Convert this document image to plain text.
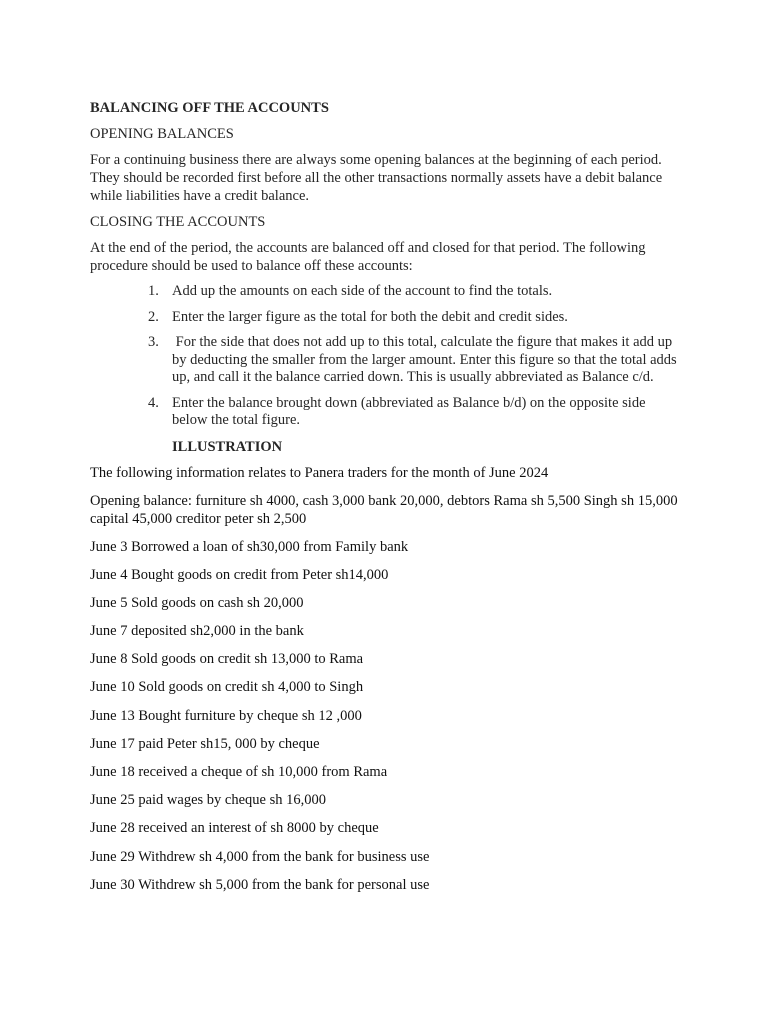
BALANCING OFF THE ACCOUNTS

OPENING BALANCES

For a continuing business there are always some opening balances at the beginning of each period. They should be recorded first before all the other transactions normally assets have a debit balance while liabilities have a credit balance.

CLOSING THE ACCOUNTS

At the end of the period, the accounts are balanced off and closed for that period. The following procedure should be used to balance off these accounts:

1. Add up the amounts on each side of the account to find the totals.
2. Enter the larger figure as the total for both the debit and credit sides.
3. For the side that does not add up to this total, calculate the figure that makes it add up by deducting the smaller from the larger amount. Enter this figure so that the total adds up, and call it the balance carried down. This is usually abbreviated as Balance c/d.
4. Enter the balance brought down (abbreviated as Balance b/d) on the opposite side below the total figure.

ILLUSTRATION

The following information relates to Panera traders for the month of June 2024

Opening balance: furniture sh 4000, cash 3,000 bank 20,000, debtors Rama sh 5,500 Singh sh 15,000 capital 45,000 creditor peter sh 2,500

June 3 Borrowed a loan of sh30,000 from Family bank

June 4 Bought goods on credit from Peter sh14,000

June 5 Sold goods on cash sh 20,000

June 7 deposited sh2,000 in the bank

June 8 Sold goods on credit sh 13,000 to Rama

June 10 Sold goods on credit sh 4,000 to Singh

June 13 Bought furniture by cheque sh 12 ,000

June 17 paid Peter sh15, 000 by cheque

June 18 received a cheque of sh 10,000 from Rama

June 25 paid wages by cheque sh 16,000

June 28 received an interest of sh 8000 by cheque

June 29 Withdrew sh 4,000 from the bank for business use

June 30 Withdrew sh 5,000 from the bank for personal use
